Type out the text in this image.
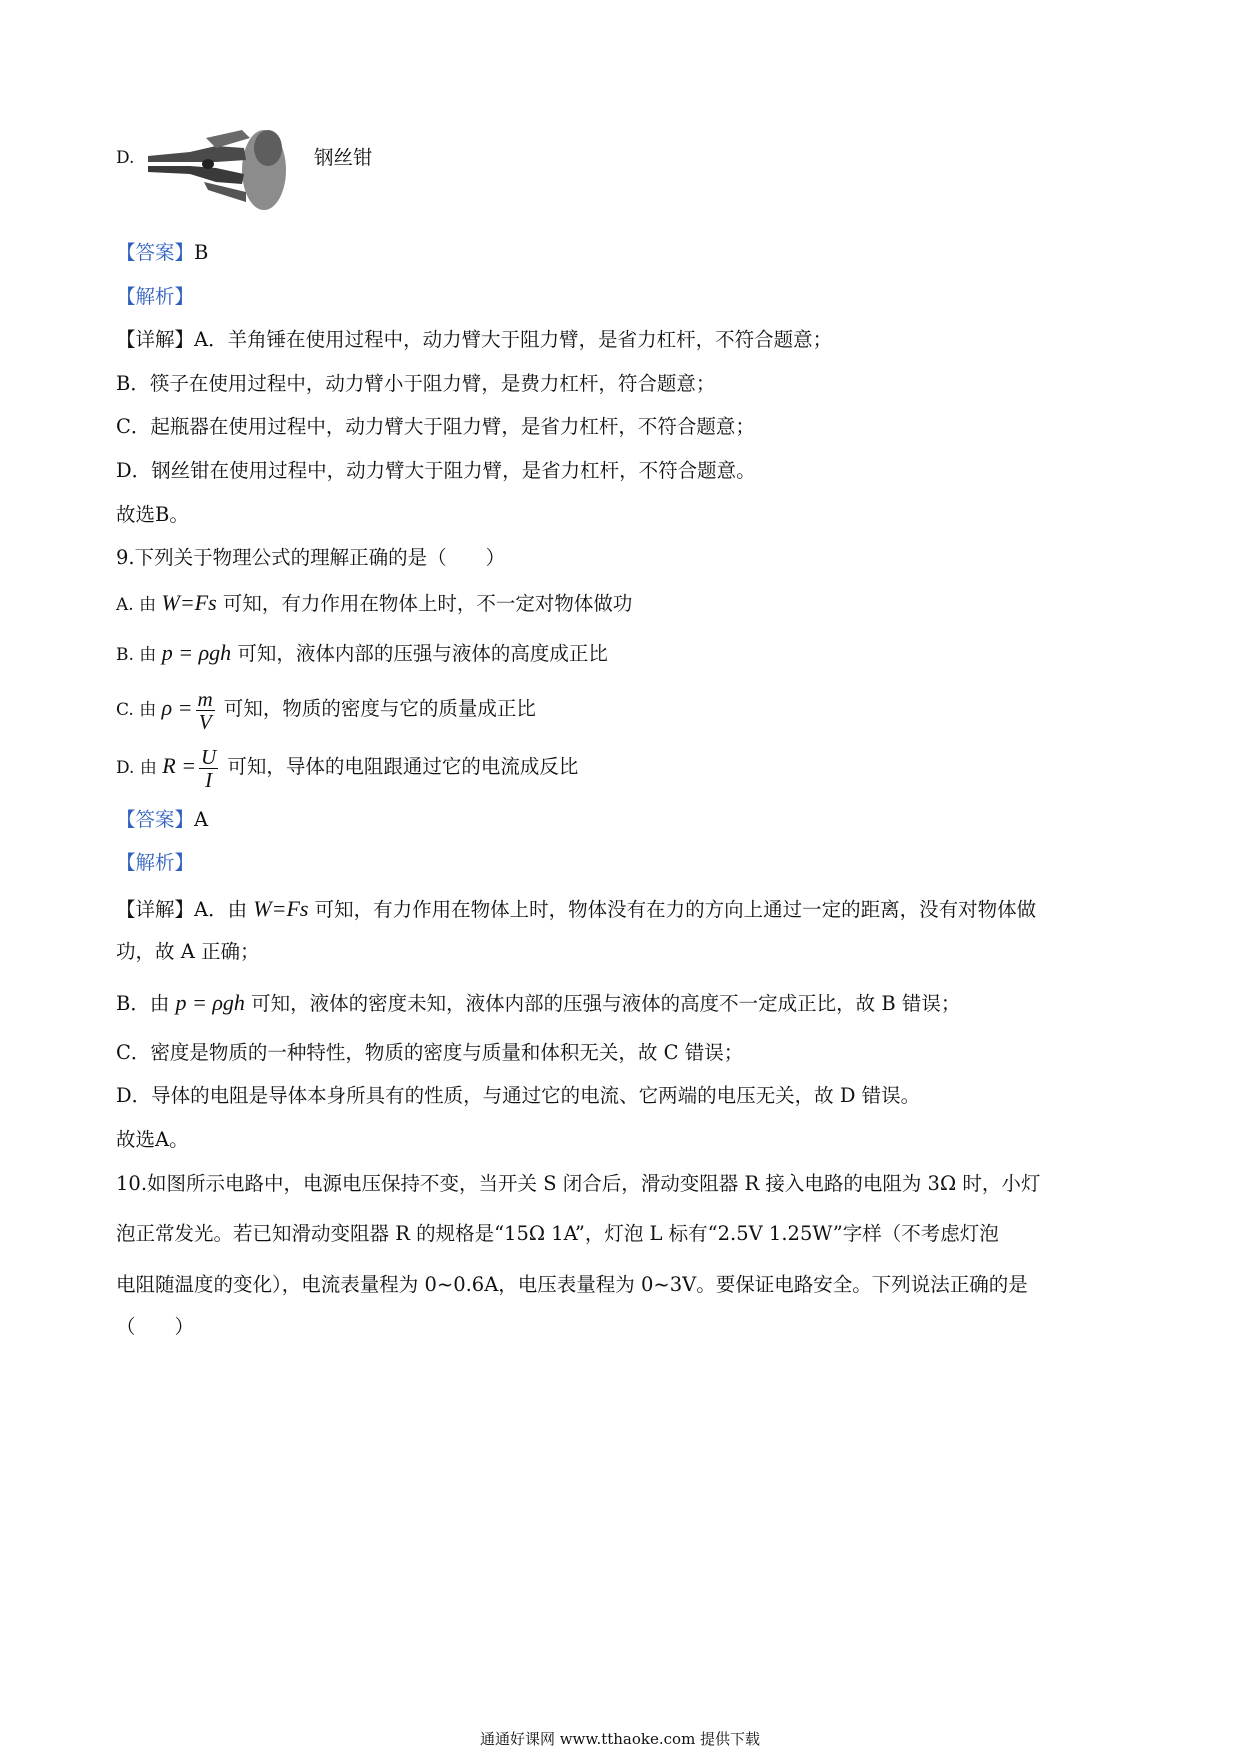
D.	钢丝钳
【答案】B
【解析】
【详解】A．羊角锤在使用过程中，动力臂大于阻力臂，是省力杠杆，不符合题意；
B．筷子在使用过程中，动力臂小于阻力臂，是费力杠杆，符合题意；
C．起瓶器在使用过程中，动力臂大于阻力臂，是省力杠杆，不符合题意；
D．钢丝钳在使用过程中，动力臂大于阻力臂，是省力杠杆，不符合题意。
故选B。
9.下列关于物理公式的理解正确的是（　　）
A. 由 W=Fs 可知，有力作用在物体上时，不一定对物体做功
B. 由 p = ρgh 可知，液体内部的压强与液体的高度成正比
C. 由 $\rho = \frac{m}{V}$ 可知，物质的密度与它的质量成正比
D. 由 $R = \frac{U}{I}$ 可知，导体的电阻跟通过它的电流成反比
【答案】A
【解析】
【详解】A．由 W=Fs 可知，有力作用在物体上时，物体没有在力的方向上通过一定的距离，没有对物体做
功，故 A 正确；
B．由 p = ρgh 可知，液体的密度未知，液体内部的压强与液体的高度不一定成正比，故 B 错误；
C．密度是物质的一种特性，物质的密度与质量和体积无关，故 C 错误；
D．导体的电阻是导体本身所具有的性质，与通过它的电流、它两端的电压无关，故 D 错误。
故选A。
10.如图所示电路中，电源电压保持不变，当开关 S 闭合后，滑动变阻器 R 接入电路的电阻为 3Ω 时，小灯
泡正常发光。若已知滑动变阻器 R 的规格是“15Ω 1A”，灯泡 L 标有“2.5V 1.25W”字样（不考虑灯泡
电阻随温度的变化），电流表量程为 0~0.6A，电压表量程为 0~3V。要保证电路安全。下列说法正确的是
（　　）
通通好课网 www.tthaoke.com 提供下载
